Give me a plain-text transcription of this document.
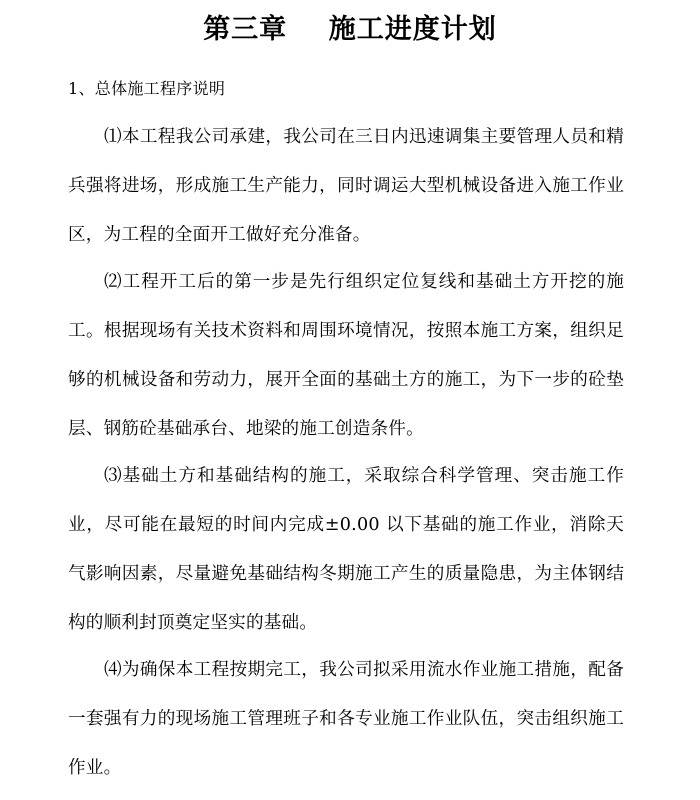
第三章    施工进度计划
1、总体施工程序说明

⑴本工程我公司承建，我公司在三日内迅速调集主要管理人员和精兵强将进场，形成施工生产能力，同时调运大型机械设备进入施工作业区，为工程的全面开工做好充分准备。

⑵工程开工后的第一步是先行组织定位复线和基础土方开挖的施工。根据现场有关技术资料和周围环境情况，按照本施工方案，组织足够的机械设备和劳动力，展开全面的基础土方的施工，为下一步的砼垫层、钢筋砼基础承台、地梁的施工创造条件。

⑶基础土方和基础结构的施工，采取综合科学管理、突击施工作业，尽可能在最短的时间内完成±0.00 以下基础的施工作业，消除天气影响因素，尽量避免基础结构冬期施工产生的质量隐患，为主体钢结构的顺利封顶奠定坚实的基础。

⑷为确保本工程按期完工，我公司拟采用流水作业施工措施，配备一套强有力的现场施工管理班子和各专业施工作业队伍，突击组织施工作业。
